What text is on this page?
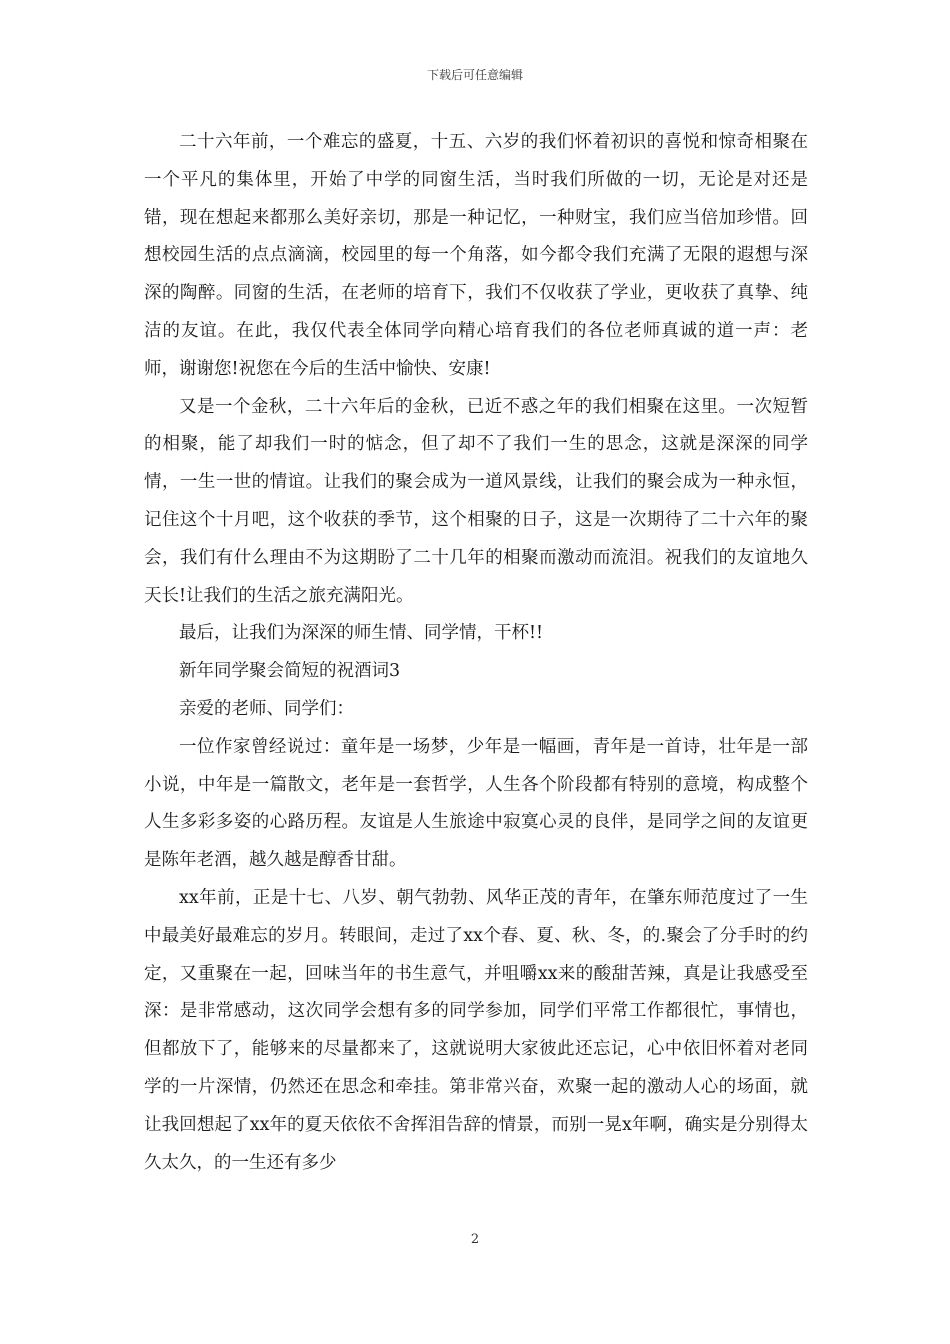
下载后可任意编辑

二十六年前，一个难忘的盛夏，十五、六岁的我们怀着初识的喜悦和惊奇相聚在一个平凡的集体里，开始了中学的同窗生活，当时我们所做的一切，无论是对还是错，现在想起来都那么美好亲切，那是一种记忆，一种财宝，我们应当倍加珍惜。回想校园生活的点点滴滴，校园里的每一个角落，如今都令我们充满了无限的遐想与深深的陶醉。同窗的生活，在老师的培育下，我们不仅收获了学业，更收获了真挚、纯洁的友谊。在此，我仅代表全体同学向精心培育我们的各位老师真诚的道一声：老师，谢谢您!祝您在今后的生活中愉快、安康!

又是一个金秋，二十六年后的金秋，已近不惑之年的我们相聚在这里。一次短暂的相聚，能了却我们一时的惦念，但了却不了我们一生的思念，这就是深深的同学情，一生一世的情谊。让我们的聚会成为一道风景线，让我们的聚会成为一种永恒，记住这个十月吧，这个收获的季节，这个相聚的日子，这是一次期待了二十六年的聚会，我们有什么理由不为这期盼了二十几年的相聚而激动而流泪。祝我们的友谊地久天长!让我们的生活之旅充满阳光。

最后，让我们为深深的师生情、同学情，干杯!!

新年同学聚会简短的祝酒词3

亲爱的老师、同学们：

一位作家曾经说过：童年是一场梦，少年是一幅画，青年是一首诗，壮年是一部小说，中年是一篇散文，老年是一套哲学，人生各个阶段都有特别的意境，构成整个人生多彩多姿的心路历程。友谊是人生旅途中寂寞心灵的良伴，是同学之间的友谊更是陈年老酒，越久越是醇香甘甜。

xx年前，正是十七、八岁、朝气勃勃、风华正茂的青年，在肇东师范度过了一生中最美好最难忘的岁月。转眼间，走过了xx个春、夏、秋、冬，的.聚会了分手时的约定，又重聚在一起，回味当年的书生意气，并咀嚼xx来的酸甜苦辣，真是让我感受至深：是非常感动，这次同学会想有多的同学参加，同学们平常工作都很忙，事情也，但都放下了，能够来的尽量都来了，这就说明大家彼此还忘记，心中依旧怀着对老同学的一片深情，仍然还在思念和牵挂。第非常兴奋，欢聚一起的激动人心的场面，就让我回想起了xx年的夏天依依不舍挥泪告辞的情景，而别一晃x年啊，确实是分别得太久太久，的一生还有多少

2
